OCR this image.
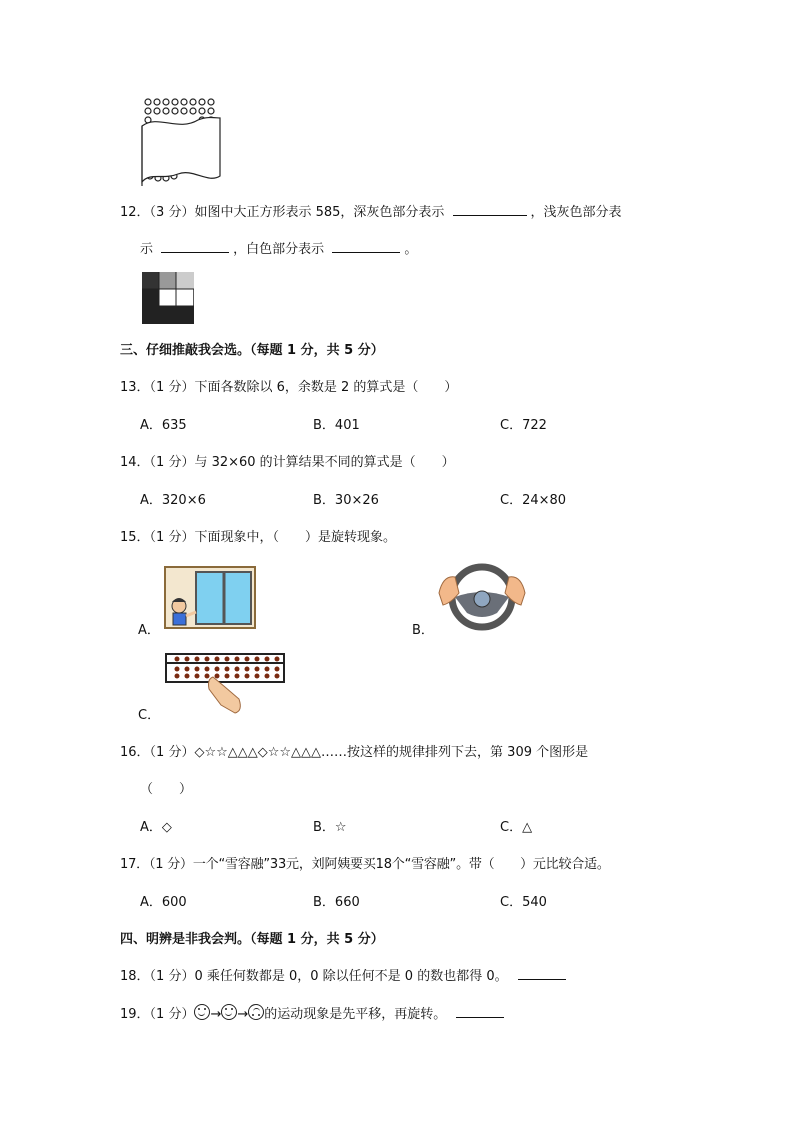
12．（3 分）如图中大正方形表示 585，深灰色部分表示	，浅灰色部分表
示	，白色部分表示	。
三、仔细推敲我会选。（每题 1 分，共 5 分）
13．（1 分）下面各数除以 6，余数是 2 的算式是（　　）
A．635	B．401	C．722
14．（1 分）与 32×60 的计算结果不同的算式是（　　）
A．320×6	B．30×26	C．24×80
15．（1 分）下面现象中，（　　）是旋转现象。
A．	B．
C．
16．（1 分）◇☆☆△△△◇☆☆△△△……按这样的规律排列下去，第 309 个图形是
（　　）
A．◇	B．☆	C．△
17．（1 分）一个“雪容融”33元，刘阿姨要买18个“雪容融”。带（　　）元比较合适。
A．600	B．660	C．540
四、明辨是非我会判。（每题 1 分，共 5 分）
18．（1 分）0 乘任何数都是 0，0 除以任何不是 0 的数也都得 0。
19．（1 分） → → 的运动现象是先平移，再旋转。
